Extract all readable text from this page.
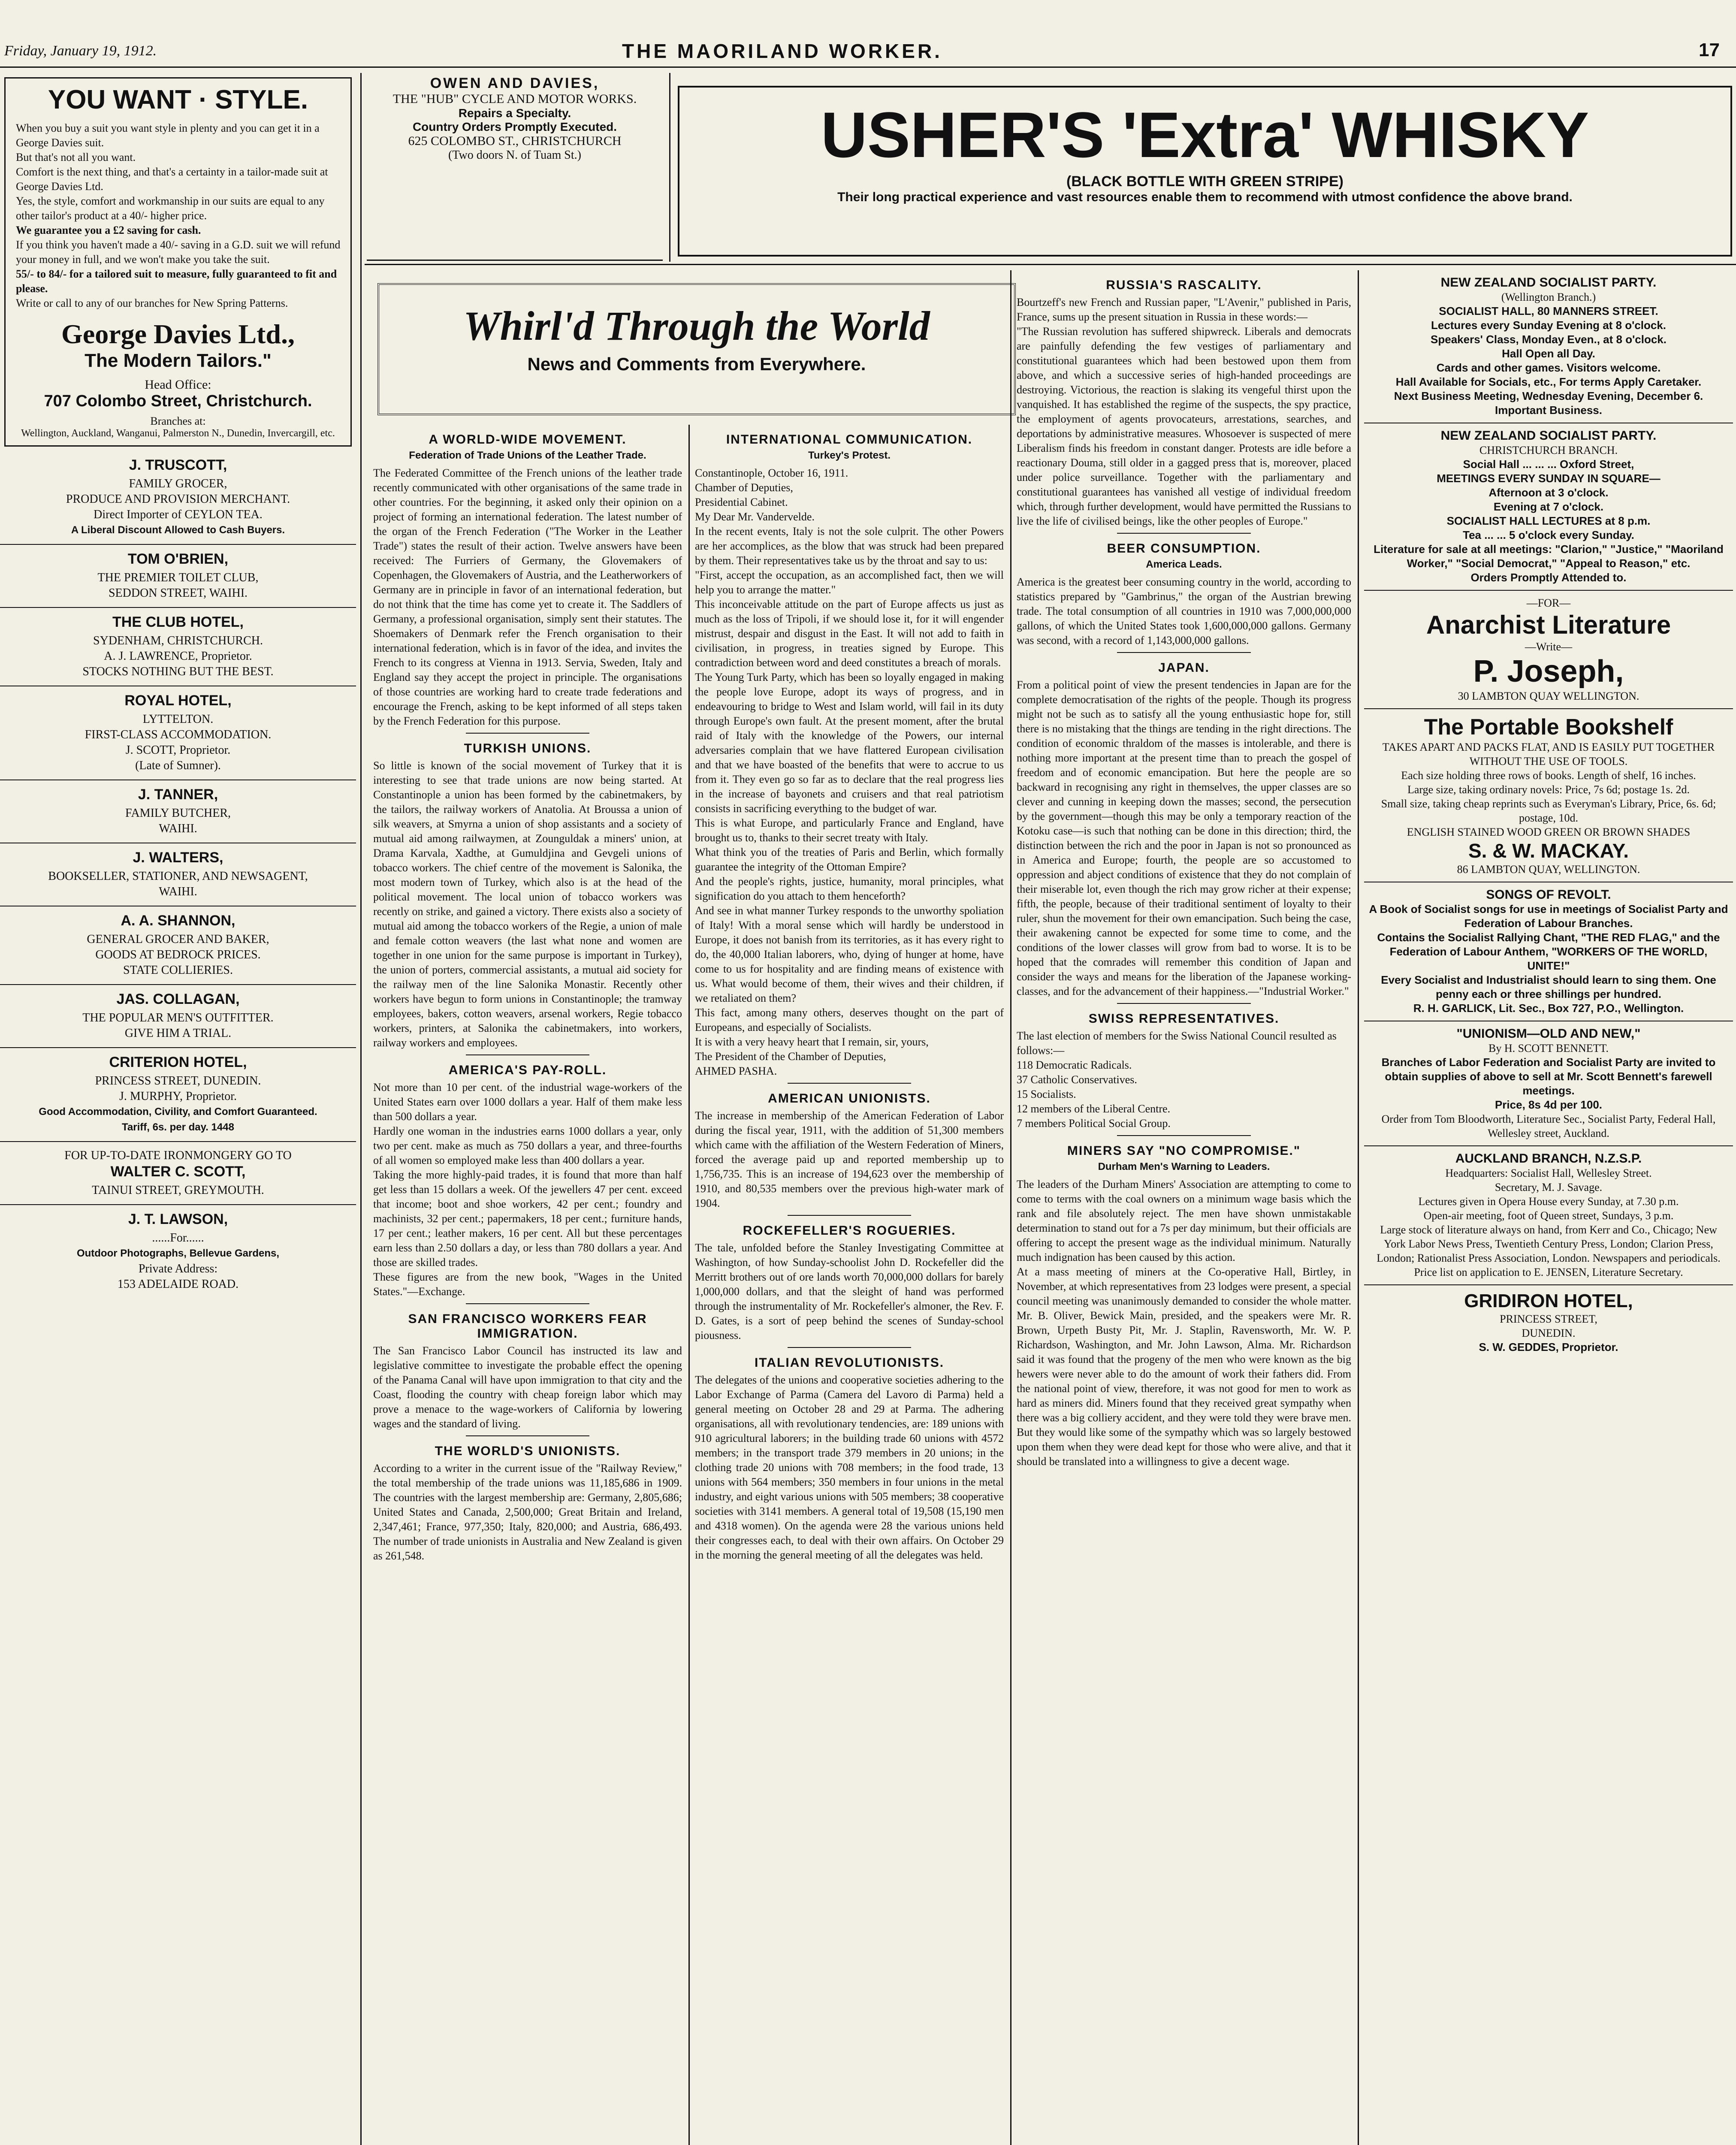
Friday, January 19, 1912.	THE MAORILAND WORKER.	17
YOU WANT · STYLE.
When you buy a suit you want style in plenty and you can get it in a George Davies suit.
But that's not all you want.
Comfort is the next thing, and that's a certainty in a tailor-made suit at George Davies Ltd.
Yes, the style, comfort and workmanship in our suits are equal to any other tailor's product at a 40/- higher price.
We guarantee you a £2 saving for cash.
If you think you haven't made a 40/- saving in a G.D. suit we will refund your money in full, and we won't make you take the suit.
55/- to 84/- for a tailored suit to measure, fully guaranteed to fit and please.
Write or call to any of our branches for New Spring Patterns.
George Davies Ltd.,
The Modern Tailors."
Head Office:
707 Colombo Street, Christchurch.
Branches at:
Wellington, Auckland, Wanganui, Palmerston N., Dunedin, Invercargill, etc.
J. TRUSCOTT,
FAMILY GROCER,
PRODUCE AND PROVISION MERCHANT.
Direct Importer of CEYLON TEA.
A Liberal Discount Allowed to Cash Buyers.
TOM O'BRIEN,
THE PREMIER TOILET CLUB,
SEDDON STREET, WAIHI.
THE CLUB HOTEL,
SYDENHAM, CHRISTCHURCH.
A. J. LAWRENCE, Proprietor.
STOCKS NOTHING BUT THE BEST.
ROYAL HOTEL,
LYTTELTON.
FIRST-CLASS ACCOMMODATION.
J. SCOTT, Proprietor.
(Late of Sumner).
J. TANNER,
FAMILY BUTCHER,
WAIHI.
J. WALTERS,
BOOKSELLER, STATIONER, AND NEWSAGENT,
WAIHI.
A. A. SHANNON,
GENERAL GROCER AND BAKER,
GOODS AT BEDROCK PRICES.
STATE COLLIERIES.
JAS. COLLAGAN,
THE POPULAR MEN'S OUTFITTER.
GIVE HIM A TRIAL.
CRITERION HOTEL,
PRINCESS STREET, DUNEDIN.
J. MURPHY, Proprietor.
Good Accommodation, Civility, and Comfort Guaranteed.
Tariff, 6s. per day. 1448
FOR UP-TO-DATE IRONMONGERY GO TO
WALTER C. SCOTT,
TAINUI STREET, GREYMOUTH.
J. T. LAWSON,
......For......
Outdoor Photographs, Bellevue Gardens,
Private Address:
153 ADELAIDE ROAD.
OWEN AND DAVIES,
THE "HUB" CYCLE AND MOTOR WORKS.
Repairs a Specialty.
Country Orders Promptly Executed.
625 COLOMBO ST., CHRISTCHURCH
(Two doors N. of Tuam St.)	USHER'S 'Extra' WHISKY
(BLACK BOTTLE WITH GREEN STRIPE)
Their long practical experience and vast resources enable them to recommend with utmost confidence the above brand.
Whirl'd Through the World
News and Comments from Everywhere.
A WORLD-WIDE MOVEMENT.
Federation of Trade Unions of the Leather Trade.
The Federated Committee of the French unions of the leather trade recently communicated with other organisations of the same trade in other countries. For the beginning, it asked only their opinion on a project of forming an international federation. The latest number of the organ of the French Federation ("The Worker in the Leather Trade") states the result of their action. Twelve answers have been received: The Furriers of Germany, the Glovemakers of Copenhagen, the Glovemakers of Austria, and the Leatherworkers of Germany are in principle in favor of an international federation, but do not think that the time has come yet to create it. The Saddlers of Germany, a professional organisation, simply sent their statutes. The Shoemakers of Denmark refer the French organisation to their international federation, which is in favor of the idea, and invites the French to its congress at Vienna in 1913. Servia, Sweden, Italy and England say they accept the project in principle. The organisations of those countries are working hard to create trade federations and encourage the French, asking to be kept informed of all steps taken by the French Federation for this purpose.
TURKISH UNIONS.
So little is known of the social movement of Turkey that it is interesting to see that trade unions are now being started. At Constantinople a union has been formed by the cabinetmakers, by the tailors, the railway workers of Anatolia. At Broussa a union of silk weavers, at Smyrna a union of shop assistants and a society of mutual aid among railwaymen, at Zounguldak a miners' union, at Drama Karvala, Xadthe, at Gumuldjina and Gevgeli unions of tobacco workers. The chief centre of the movement is Salonika, the most modern town of Turkey, which also is at the head of the political movement. The local union of tobacco workers was recently on strike, and gained a victory. There exists also a society of mutual aid among the tobacco workers of the Regie, a union of male and female cotton weavers (the last what none and women are together in one union for the same purpose is important in Turkey), the union of porters, commercial assistants, a mutual aid society for the railway men of the line Salonika Monastir. Recently other workers have begun to form unions in Constantinople; the tramway employees, bakers, cotton weavers, arsenal workers, Regie tobacco workers, printers, at Salonika the cabinetmakers, into workers, railway workers and employees.
AMERICA'S PAY-ROLL.
Not more than 10 per cent. of the industrial wage-workers of the United States earn over 1000 dollars a year. Half of them make less than 500 dollars a year.
Hardly one woman in the industries earns 1000 dollars a year, only two per cent. make as much as 750 dollars a year, and three-fourths of all women so employed make less than 400 dollars a year.
Taking the more highly-paid trades, it is found that more than half get less than 15 dollars a week. Of the jewellers 47 per cent. exceed that income; boot and shoe workers, 42 per cent.; foundry and machinists, 32 per cent.; papermakers, 18 per cent.; furniture hands, 17 per cent.; leather makers, 16 per cent. All but these percentages earn less than 2.50 dollars a day, or less than 780 dollars a year. And those are skilled trades.
These figures are from the new book, "Wages in the United States."—Exchange.
SAN FRANCISCO WORKERS FEAR IMMIGRATION.
The San Francisco Labor Council has instructed its law and legislative committee to investigate the probable effect the opening of the Panama Canal will have upon immigration to that city and the Coast, flooding the country with cheap foreign labor which may prove a menace to the wage-workers of California by lowering wages and the standard of living.
THE WORLD'S UNIONISTS.
According to a writer in the current issue of the "Railway Review," the total membership of the trade unions was 11,185,686 in 1909. The countries with the largest membership are: Germany, 2,805,686; United States and Canada, 2,500,000; Great Britain and Ireland, 2,347,461; France, 977,350; Italy, 820,000; and Austria, 686,493. The number of trade unionists in Australia and New Zealand is given as 261,548.
INTERNATIONAL COMMUNICATION.
Turkey's Protest.
Constantinople, October 16, 1911.
Chamber of Deputies,
Presidential Cabinet.
My Dear Mr. Vandervelde.
In the recent events, Italy is not the sole culprit. The other Powers are her accomplices, as the blow that was struck had been prepared by them. Their representatives take us by the throat and say to us:
"First, accept the occupation, as an accomplished fact, then we will help you to arrange the matter."
This inconceivable attitude on the part of Europe affects us just as much as the loss of Tripoli, if we should lose it, for it will engender mistrust, despair and disgust in the East. It will not add to faith in civilisation, in progress, in treaties signed by Europe. This contradiction between word and deed constitutes a breach of morals.
The Young Turk Party, which has been so loyally engaged in making the people love Europe, adopt its ways of progress, and in endeavouring to bridge to West and Islam world, will fail in its duty through Europe's own fault. At the present moment, after the brutal raid of Italy with the knowledge of the Powers, our internal adversaries complain that we have flattered European civilisation and that we have boasted of the benefits that were to accrue to us from it. They even go so far as to declare that the real progress lies in the increase of bayonets and cruisers and that real patriotism consists in sacrificing everything to the budget of war.
This is what Europe, and particularly France and England, have brought us to, thanks to their secret treaty with Italy.
What think you of the treaties of Paris and Berlin, which formally guarantee the integrity of the Ottoman Empire?
And the people's rights, justice, humanity, moral principles, what signification do you attach to them henceforth?
And see in what manner Turkey responds to the unworthy spoliation of Italy! With a moral sense which will hardly be understood in Europe, it does not banish from its territories, as it has every right to do, the 40,000 Italian laborers, who, dying of hunger at home, have come to us for hospitality and are finding means of existence with us. What would become of them, their wives and their children, if we retaliated on them?
This fact, among many others, deserves thought on the part of Europeans, and especially of Socialists.
It is with a very heavy heart that I remain, sir, yours,
The President of the Chamber of Deputies,
AHMED PASHA.
AMERICAN UNIONISTS.
The increase in membership of the American Federation of Labor during the fiscal year, 1911, with the addition of 51,300 members which came with the affiliation of the Western Federation of Miners, forced the average paid up and reported membership up to 1,756,735. This is an increase of 194,623 over the membership of 1910, and 80,535 members over the previous high-water mark of 1904.
ROCKEFELLER'S ROGUERIES.
The tale, unfolded before the Stanley Investigating Committee at Washington, of how Sunday-schoolist John D. Rockefeller did the Merritt brothers out of ore lands worth 70,000,000 dollars for barely 1,000,000 dollars, and that the sleight of hand was performed through the instrumentality of Mr. Rockefeller's almoner, the Rev. F. D. Gates, is a sort of peep behind the scenes of Sunday-school piousness.
ITALIAN REVOLUTIONISTS.
The delegates of the unions and cooperative societies adhering to the Labor Exchange of Parma (Camera del Lavoro di Parma) held a general meeting on October 28 and 29 at Parma. The adhering organisations, all with revolutionary tendencies, are: 189 unions with 910 agricultural laborers; in the building trade 60 unions with 4572 members; in the transport trade 379 members in 20 unions; in the clothing trade 20 unions with 708 members; in the food trade, 13 unions with 564 members; 350 members in four unions in the metal industry, and eight various unions with 505 members; 38 cooperative societies with 3141 members. A general total of 19,508 (15,190 men and 4318 women). On the agenda were 28 the various unions held their congresses each, to deal with their own affairs. On October 29 in the morning the general meeting of all the delegates was held.
RUSSIA'S RASCALITY.
Bourtzeff's new French and Russian paper, "L'Avenir," published in Paris, France, sums up the present situation in Russia in these words:—
"The Russian revolution has suffered shipwreck. Liberals and democrats are painfully defending the few vestiges of parliamentary and constitutional guarantees which had been bestowed upon them from above, and which a successive series of high-handed proceedings are destroying. Victorious, the reaction is slaking its vengeful thirst upon the vanquished. It has established the regime of the suspects, the spy practice, the employment of agents provocateurs, arrestations, searches, and deportations by administrative measures. Whosoever is suspected of mere Liberalism finds his freedom in constant danger. Protests are idle before a reactionary Douma, still older in a gagged press that is, moreover, placed under police surveillance. Together with the parliamentary and constitutional guarantees has vanished all vestige of individual freedom which, through further development, would have permitted the Russians to live the life of civilised beings, like the other peoples of Europe."
BEER CONSUMPTION.
America Leads.
America is the greatest beer consuming country in the world, according to statistics prepared by "Gambrinus," the organ of the Austrian brewing trade. The total consumption of all countries in 1910 was 7,000,000,000 gallons, of which the United States took 1,600,000,000 gallons. Germany was second, with a record of 1,143,000,000 gallons.
JAPAN.
From a political point of view the present tendencies in Japan are for the complete democratisation of the rights of the people. Though its progress might not be such as to satisfy all the young enthusiastic hope for, still there is no mistaking that the things are tending in the right directions. The condition of economic thraldom of the masses is intolerable, and there is nothing more important at the present time than to preach the gospel of freedom and of economic emancipation. But here the people are so backward in recognising any right in themselves, the upper classes are so clever and cunning in keeping down the masses; second, the persecution by the government—though this may be only a temporary reaction of the Kotoku case—is such that nothing can be done in this direction; third, the distinction between the rich and the poor in Japan is not so pronounced as in America and Europe; fourth, the people are so accustomed to oppression and abject conditions of existence that they do not complain of their miserable lot, even though the rich may grow richer at their expense; fifth, the people, because of their traditional sentiment of loyalty to their ruler, shun the movement for their own emancipation. Such being the case, their awakening cannot be expected for some time to come, and the conditions of the lower classes will grow from bad to worse. It is to be hoped that the comrades will remember this condition of Japan and consider the ways and means for the liberation of the Japanese working-classes, and for the advancement of their happiness.—"Industrial Worker."
SWISS REPRESENTATIVES.
The last election of members for the Swiss National Council resulted as follows:—
118 Democratic Radicals.
37 Catholic Conservatives.
15 Socialists.
12 members of the Liberal Centre.
7 members Political Social Group.
MINERS SAY "NO COMPROMISE."
Durham Men's Warning to Leaders.
The leaders of the Durham Miners' Association are attempting to come to come to terms with the coal owners on a minimum wage basis which the rank and file absolutely reject. The men have shown unmistakable determination to stand out for a 7s per day minimum, but their officials are offering to accept the present wage as the individual minimum. Naturally much indignation has been caused by this action.
At a mass meeting of miners at the Co-operative Hall, Birtley, in November, at which representatives from 23 lodges were present, a special council meeting was unanimously demanded to consider the whole matter. Mr. B. Oliver, Bewick Main, presided, and the speakers were Mr. R. Brown, Urpeth Busty Pit, Mr. J. Staplin, Ravensworth, Mr. W. P. Richardson, Washington, and Mr. John Lawson, Alma. Mr. Richardson said it was found that the progeny of the men who were known as the big hewers were never able to do the amount of work their fathers did. From the national point of view, therefore, it was not good for men to work as hard as miners did. Miners found that they received great sympathy when there was a big colliery accident, and they were told they were brave men. But they would like some of the sympathy which was so largely bestowed upon them when they were dead kept for those who were alive, and that it should be translated into a willingness to give a decent wage.
NEW ZEALAND SOCIALIST PARTY.
(Wellington Branch.)
SOCIALIST HALL, 80 MANNERS STREET.
Lectures every Sunday Evening at 8 o'clock.
Speakers' Class, Monday Even., at 8 o'clock.
Hall Open all Day.
Cards and other games. Visitors welcome.
Hall Available for Socials, etc., For terms Apply Caretaker.
Next Business Meeting, Wednesday Evening, December 6. Important Business.
NEW ZEALAND SOCIALIST PARTY.
CHRISTCHURCH BRANCH.
Social Hall ... ... ... Oxford Street,
MEETINGS EVERY SUNDAY IN SQUARE—
Afternoon at 3 o'clock.
Evening at 7 o'clock.
SOCIALIST HALL LECTURES at 8 p.m.
Tea ... ... 5 o'clock every Sunday.
Literature for sale at all meetings: "Clarion," "Justice," "Maoriland Worker," "Social Democrat," "Appeal to Reason," etc.
Orders Promptly Attended to.
—FOR—
Anarchist Literature
—Write—
P. Joseph,
30 LAMBTON QUAY WELLINGTON.
The Portable Bookshelf
TAKES APART AND PACKS FLAT, AND IS EASILY PUT TOGETHER WITHOUT THE USE OF TOOLS.
Each size holding three rows of books. Length of shelf, 16 inches.
Large size, taking ordinary novels: Price, 7s 6d; postage 1s. 2d.
Small size, taking cheap reprints such as Everyman's Library, Price, 6s. 6d; postage, 10d.
ENGLISH STAINED WOOD GREEN OR BROWN SHADES
S. & W. MACKAY.
86 LAMBTON QUAY, WELLINGTON.
SONGS OF REVOLT.
A Book of Socialist songs for use in meetings of Socialist Party and Federation of Labour Branches.
Contains the Socialist Rallying Chant, "THE RED FLAG," and the Federation of Labour Anthem, "WORKERS OF THE WORLD, UNITE!"
Every Socialist and Industrialist should learn to sing them. One penny each or three shillings per hundred.
R. H. GARLICK, Lit. Sec., Box 727, P.O., Wellington.
"UNIONISM—OLD AND NEW,"
By H. SCOTT BENNETT.
Branches of Labor Federation and Socialist Party are invited to obtain supplies of above to sell at Mr. Scott Bennett's farewell meetings.
Price, 8s 4d per 100.
Order from Tom Bloodworth, Literature Sec., Socialist Party, Federal Hall, Wellesley street, Auckland.
AUCKLAND BRANCH, N.Z.S.P.
Headquarters: Socialist Hall, Wellesley Street.
Secretary, M. J. Savage.
Lectures given in Opera House every Sunday, at 7.30 p.m.
Open-air meeting, foot of Queen street, Sundays, 3 p.m.
Large stock of literature always on hand, from Kerr and Co., Chicago; New York Labor News Press, Twentieth Century Press, London; Clarion Press, London; Rationalist Press Association, London. Newspapers and periodicals. Price list on application to E. JENSEN, Literature Secretary.
GRIDIRON HOTEL,
PRINCESS STREET,
DUNEDIN.
S. W. GEDDES, Proprietor.
